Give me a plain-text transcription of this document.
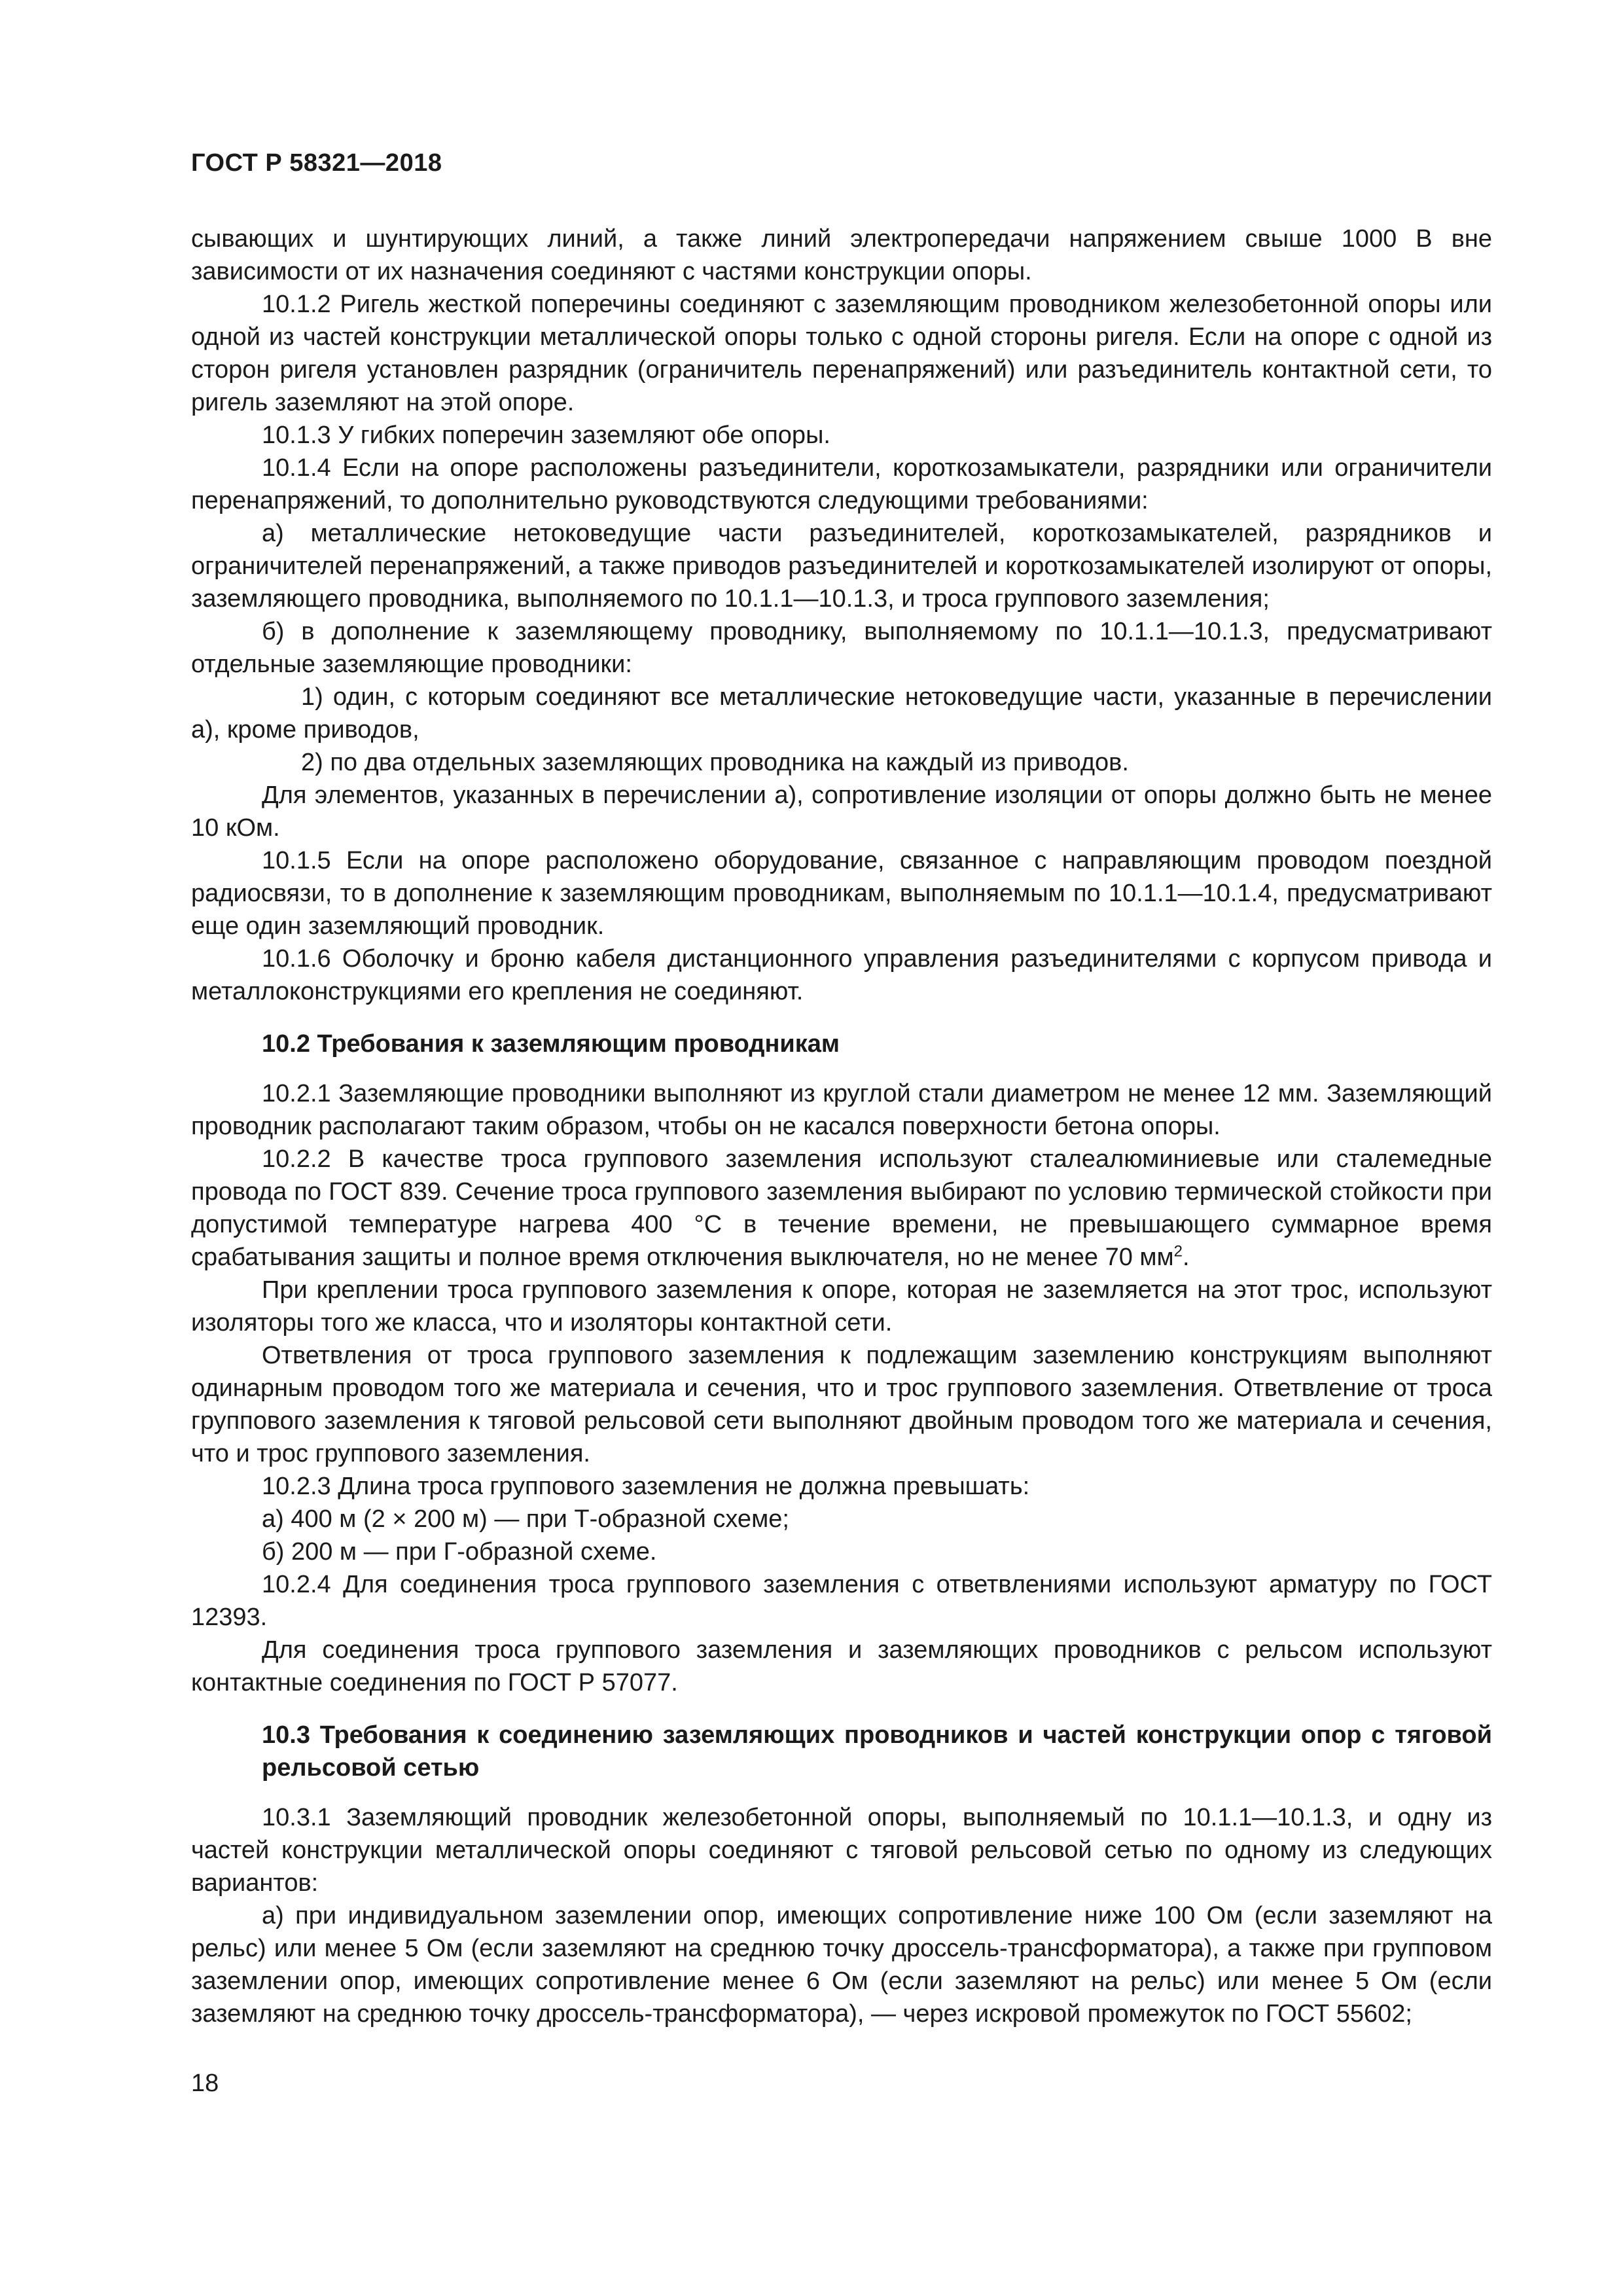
ГОСТ Р 58321—2018

сывающих и шунтирующих линий, а также линий электропередачи напряжением свыше 1000 В вне зависимости от их назначения соединяют с частями конструкции опоры.

10.1.2 Ригель жесткой поперечины соединяют с заземляющим проводником железобетонной опоры или одной из частей конструкции металлической опоры только с одной стороны ригеля. Если на опоре с одной из сторон ригеля установлен разрядник (ограничитель перенапряжений) или разъединитель контактной сети, то ригель заземляют на этой опоре.

10.1.3 У гибких поперечин заземляют обе опоры.

10.1.4 Если на опоре расположены разъединители, короткозамыкатели, разрядники или ограничители перенапряжений, то дополнительно руководствуются следующими требованиями:

а) металлические нетоковедущие части разъединителей, короткозамыкателей, разрядников и ограничителей перенапряжений, а также приводов разъединителей и короткозамыкателей изолируют от опоры, заземляющего проводника, выполняемого по 10.1.1—10.1.3, и троса группового заземления;

б) в дополнение к заземляющему проводнику, выполняемому по 10.1.1—10.1.3, предусматривают отдельные заземляющие проводники:

1) один, с которым соединяют все металлические нетоковедущие части, указанные в перечислении а), кроме приводов,

2) по два отдельных заземляющих проводника на каждый из приводов.

Для элементов, указанных в перечислении а), сопротивление изоляции от опоры должно быть не менее 10 кОм.

10.1.5 Если на опоре расположено оборудование, связанное с направляющим проводом поездной радиосвязи, то в дополнение к заземляющим проводникам, выполняемым по 10.1.1—10.1.4, предусматривают еще один заземляющий проводник.

10.1.6 Оболочку и броню кабеля дистанционного управления разъединителями с корпусом привода и металлоконструкциями его крепления не соединяют.

10.2 Требования к заземляющим проводникам

10.2.1 Заземляющие проводники выполняют из круглой стали диаметром не менее 12 мм. Заземляющий проводник располагают таким образом, чтобы он не касался поверхности бетона опоры.

10.2.2 В качестве троса группового заземления используют сталеалюминиевые или сталемедные провода по ГОСТ 839. Сечение троса группового заземления выбирают по условию термической стойкости при допустимой температуре нагрева 400 °С в течение времени, не превышающего суммарное время срабатывания защиты и полное время отключения выключателя, но не менее 70 $мм^2$.

При креплении троса группового заземления к опоре, которая не заземляется на этот трос, используют изоляторы того же класса, что и изоляторы контактной сети.

Ответвления от троса группового заземления к подлежащим заземлению конструкциям выполняют одинарным проводом того же материала и сечения, что и трос группового заземления. Ответвление от троса группового заземления к тяговой рельсовой сети выполняют двойным проводом того же материала и сечения, что и трос группового заземления.

10.2.3 Длина троса группового заземления не должна превышать:

а) 400 м (2 × 200 м) — при Т-образной схеме;

б) 200 м — при Г-образной схеме.

10.2.4 Для соединения троса группового заземления с ответвлениями используют арматуру по ГОСТ 12393.

Для соединения троса группового заземления и заземляющих проводников с рельсом используют контактные соединения по ГОСТ Р 57077.

10.3 Требования к соединению заземляющих проводников и частей конструкции опор с тяговой рельсовой сетью

10.3.1 Заземляющий проводник железобетонной опоры, выполняемый по 10.1.1—10.1.3, и одну из частей конструкции металлической опоры соединяют с тяговой рельсовой сетью по одному из следующих вариантов:

а) при индивидуальном заземлении опор, имеющих сопротивление ниже 100 Ом (если заземляют на рельс) или менее 5 Ом (если заземляют на среднюю точку дроссель-трансформатора), а также при групповом заземлении опор, имеющих сопротивление менее 6 Ом (если заземляют на рельс) или менее 5 Ом (если заземляют на среднюю точку дроссель-трансформатора), — через искровой промежуток по ГОСТ 55602;

18
